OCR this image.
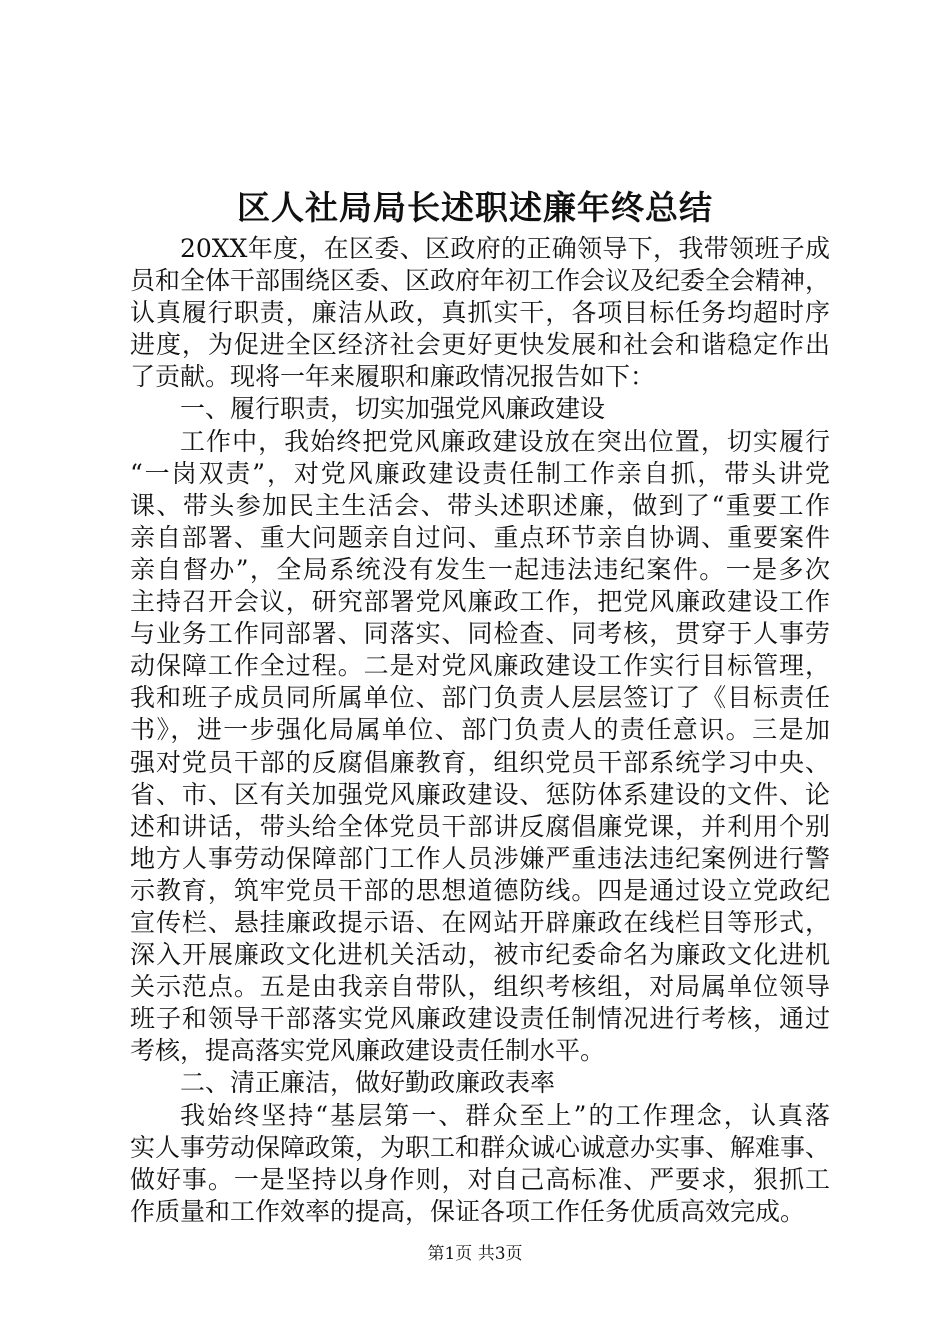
区人社局局长述职述廉年终总结
20XX年度，在区委、区政府的正确领导下，我带领班子成
员和全体干部围绕区委、区政府年初工作会议及纪委全会精神，
认真履行职责，廉洁从政，真抓实干，各项目标任务均超时序
进度，为促进全区经济社会更好更快发展和社会和谐稳定作出
了贡献。现将一年来履职和廉政情况报告如下：
一、履行职责，切实加强党风廉政建设
工作中，我始终把党风廉政建设放在突出位置，切实履行
“一岗双责”，对党风廉政建设责任制工作亲自抓，带头讲党
课、带头参加民主生活会、带头述职述廉，做到了“重要工作
亲自部署、重大问题亲自过问、重点环节亲自协调、重要案件
亲自督办”，全局系统没有发生一起违法违纪案件。一是多次
主持召开会议，研究部署党风廉政工作，把党风廉政建设工作
与业务工作同部署、同落实、同检查、同考核，贯穿于人事劳
动保障工作全过程。二是对党风廉政建设工作实行目标管理，
我和班子成员同所属单位、部门负责人层层签订了《目标责任
书》，进一步强化局属单位、部门负责人的责任意识。三是加
强对党员干部的反腐倡廉教育，组织党员干部系统学习中央、
省、市、区有关加强党风廉政建设、惩防体系建设的文件、论
述和讲话，带头给全体党员干部讲反腐倡廉党课，并利用个别
地方人事劳动保障部门工作人员涉嫌严重违法违纪案例进行警
示教育，筑牢党员干部的思想道德防线。四是通过设立党政纪
宣传栏、悬挂廉政提示语、在网站开辟廉政在线栏目等形式，
深入开展廉政文化进机关活动，被市纪委命名为廉政文化进机
关示范点。五是由我亲自带队，组织考核组，对局属单位领导
班子和领导干部落实党风廉政建设责任制情况进行考核，通过
考核，提高落实党风廉政建设责任制水平。
二、清正廉洁，做好勤政廉政表率
我始终坚持“基层第一、群众至上”的工作理念，认真落
实人事劳动保障政策，为职工和群众诚心诚意办实事、解难事、
做好事。一是坚持以身作则，对自己高标准、严要求，狠抓工
作质量和工作效率的提高，保证各项工作任务优质高效完成。
第1页 共3页
